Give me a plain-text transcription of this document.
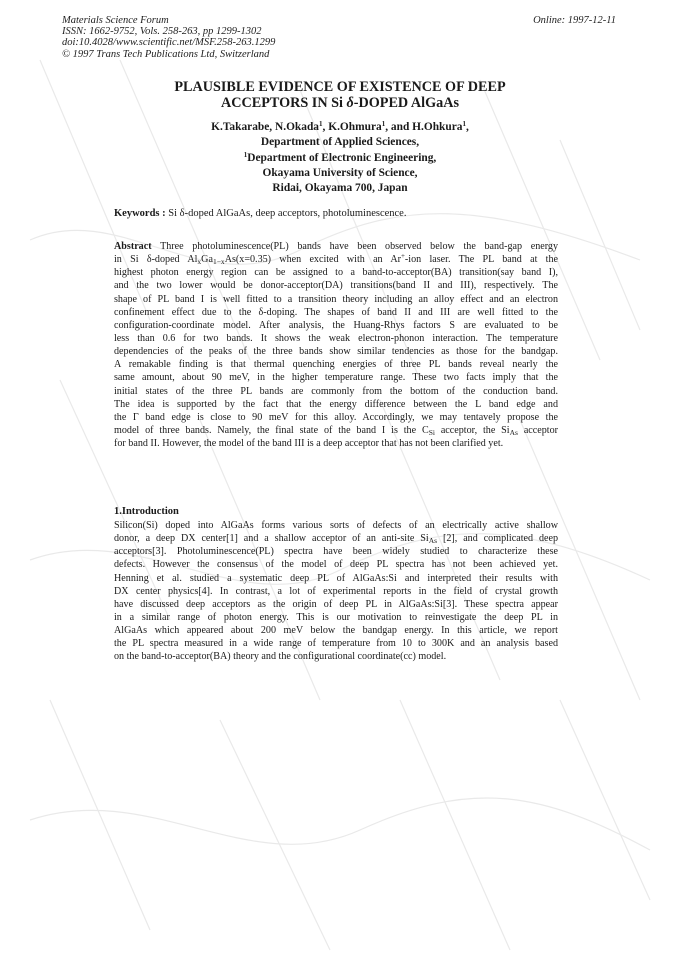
Materials Science Forum
ISSN: 1662-9752, Vols. 258-263, pp 1299-1302
doi:10.4028/www.scientific.net/MSF.258-263.1299
© 1997 Trans Tech Publications Ltd, Switzerland
Online: 1997-12-11
PLAUSIBLE EVIDENCE OF EXISTENCE OF DEEP
ACCEPTORS IN Si δ-DOPED AlGaAs
K.Takarabe, N.Okada$^1$, K.Ohmura$^1$, and H.Ohkura$^1$,
Department of Applied Sciences,
$^1$Department of Electronic Engineering,
Okayama University of Science,
Ridai, Okayama 700, Japan
Keywords : Si δ-doped AlGaAs, deep acceptors, photoluminescence.
Abstract Three photoluminescence(PL) bands have been observed below the band-gap energy
in Si δ-doped $Al_xGa_{1-x}As(x=0.35)$ when excited with an Ar+-ion laser. The PL band at the
highest photon energy region can be assigned to a band-to-acceptor(BA) transition(say band I),
and the two lower would be donor-acceptor(DA) transitions(band II and III), respectively. The
shape of PL band I is well fitted to a transition theory including an alloy effect and an electron
confinement effect due to the δ-doping. The shapes of band II and III are well fitted to the
configuration-coordinate model. After analysis, the Huang-Rhys factors S are evaluated to be
less than 0.6 for two bands. It shows the weak electron-phonon interaction. The temperature
dependencies of the peaks of the three bands show similar tendencies as those for the bandgap.
A remakable finding is that thermal quenching energies of three PL bands reveal nearly the
same amount, about 90 meV, in the higher temperature range. These two facts imply that the
initial states of the three PL bands are commonly from the bottom of the conduction band.
The idea is supported by the fact that the energy difference between the L band edge and
the Γ band edge is close to 90 meV for this alloy. Accordingly, we may tentavely propose the
model of three bands. Namely, the final state of the band I is the $C_{Si}$ acceptor, the $Si_{As}$ acceptor
for band II. However, the model of the band III is a deep acceptor that has not been clarified yet.
1.Introduction
Silicon(Si) doped into AlGaAs forms various sorts of defects of an electrically active shallow
donor, a deep DX center[1] and a shallow acceptor of an anti-site $Si_{As}$ [2], and complicated deep
acceptors[3]. Photoluminescence(PL) spectra have been widely studied to characterize these
defects. However the consensus of the model of deep PL spectra has not been achieved yet.
Henning et al. studied a systematic deep PL of AlGaAs:Si and interpreted their results with
DX center physics[4]. In contrast, a lot of experimental reports in the field of crystal growth
have discussed deep acceptors as the origin of deep PL in AlGaAs:Si[3]. These spectra appear
in a similar range of photon energy. This is our motivation to reinvestigate the deep PL in
AlGaAs which appeared about 200 meV below the bandgap energy. In this article, we report
the PL spectra measured in a wide range of temperature from 10 to 300K and an analysis based
on the band-to-acceptor(BA) theory and the configurational coordinate(cc) model.
